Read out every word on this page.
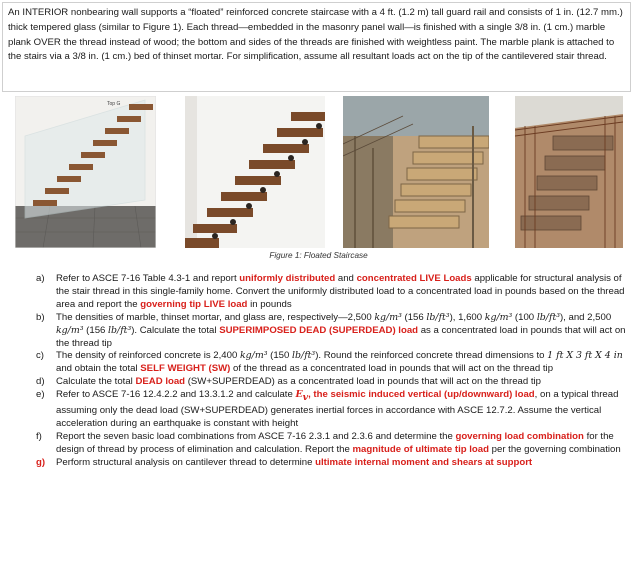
An INTERIOR nonbearing wall supports a “floated” reinforced concrete staircase with a 4 ft. (1.2 m) tall guard rail and consists of 1 in. (12.7 mm.) thick tempered glass (similar to Figure 1). Each thread—embedded in the masonry panel wall—is finished with a single 3/8 in. (1 cm.) marble plank OVER the thread instead of wood; the bottom and sides of the threads are finished with weightless paint. The marble plank is attached to the stairs via a 3/8 in. (1 cm.) bed of thinset mortar. For simplification, assume all resultant loads act on the tip of the cantilevered stair thread.

Top G
Figure 1: Floated Staircase
a) Refer to ASCE 7-16 Table 4.3-1 and report uniformly distributed and concentrated LIVE Loads applicable for structural analysis of the stair thread in this single-family home. Convert the uniformly distributed load to a concentrated load in pounds based on the thread area and report the governing tip LIVE load in pounds
b) The densities of marble, thinset mortar, and glass are, respectively—2,500 kg/m³ (156 lb/ft³), 1,600 kg/m³ (100 lb/ft³), and 2,500 kg/m³ (156 lb/ft³). Calculate the total SUPERIMPOSED DEAD (SUPERDEAD) load as a concentrated load in pounds that will act on the thread tip
c) The density of reinforced concrete is 2,400 kg/m³ (150 lb/ft³). Round the reinforced concrete thread dimensions to 1 ft X 3 ft X 4 in and obtain the total SELF WEIGHT (SW) of the thread as a concentrated load in pounds that will act on the thread tip
d) Calculate the total DEAD load (SW+SUPERDEAD) as a concentrated load in pounds that will act on the thread tip
e) Refer to ASCE 7-16 12.4.2.2 and 13.3.1.2 and calculate $E_v$, the seismic induced vertical (up/downward) load, on a typical thread assuming only the dead load (SW+SUPERDEAD) generates inertial forces in accordance with ASCE 12.7.2. Assume the vertical acceleration during an earthquake is constant with height
f) Report the seven basic load combinations from ASCE 7-16 2.3.1 and 2.3.6 and determine the governing load combination for the design of thread by process of elimination and calculation. Report the magnitude of ultimate tip load per the governing combination
g) Perform structural analysis on cantilever thread to determine ultimate internal moment and shears at support
